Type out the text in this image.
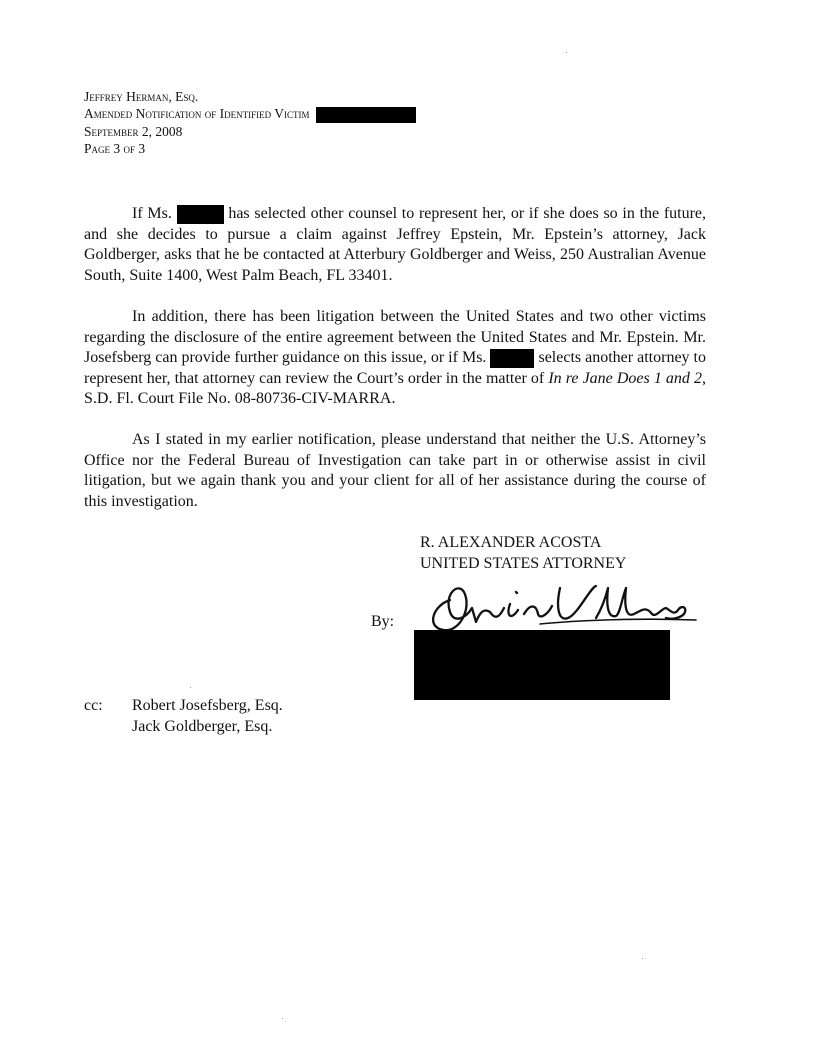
Jeffrey Herman, Esq.
Amended Notification of Identified Victim
September 2, 2008
Page 3 of 3
If Ms.	has selected other counsel to represent her, or if she does so in the future, and she decides to pursue a claim against Jeffrey Epstein, Mr. Epstein’s attorney, Jack Goldberger, asks that he be contacted at Atterbury Goldberger and Weiss, 250 Australian Avenue South, Suite 1400, West Palm Beach, FL 33401.
In addition, there has been litigation between the United States and two other victims regarding the disclosure of the entire agreement between the United States and Mr. Epstein. Mr. Josefsberg can provide further guidance on this issue, or if Ms.	selects another attorney to represent her, that attorney can review the Court’s order in the matter of In re Jane Does 1 and 2, S.D. Fl. Court File No. 08-80736-CIV-MARRA.
As I stated in my earlier notification, please understand that neither the U.S. Attorney’s Office nor the Federal Bureau of Investigation can take part in or otherwise assist in civil litigation, but we again thank you and your client for all of her assistance during the course of this investigation.
R. ALEXANDER ACOSTA
UNITED STATES ATTORNEY
By:
cc: Robert Josefsberg, Esq.
Jack Goldberger, Esq.
